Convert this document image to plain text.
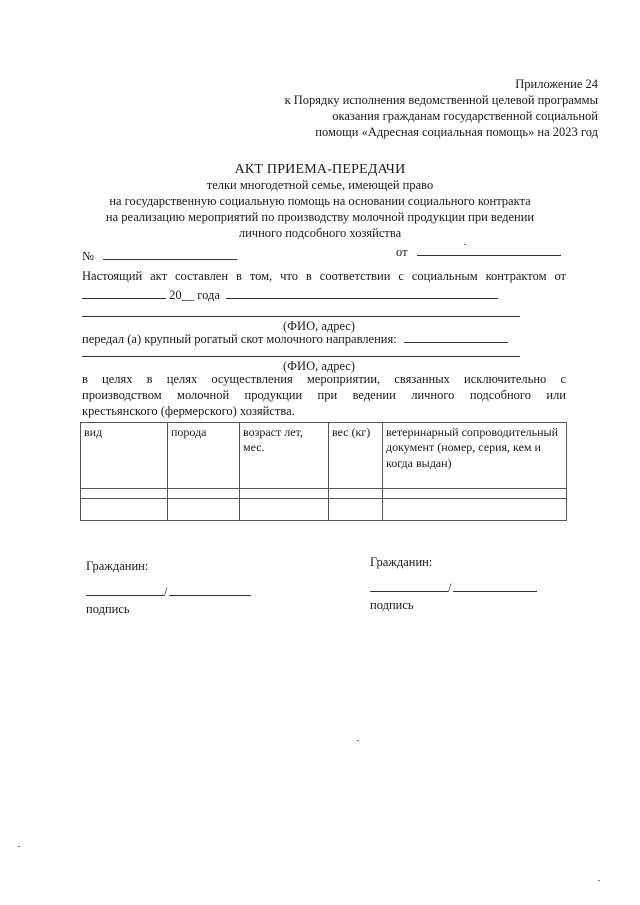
Приложение 24
к Порядку исполнения ведомственной целевой программы
оказания гражданам государственной социальной
помощи «Адресная социальная помощь» на 2023 год
АКТ ПРИЕМА-ПЕРЕДАЧИ
телки многодетной семье, имеющей право
на государственную социальную помощь на основании социального контракта
на реализацию мероприятий по производству молочной продукции при ведении
личного подсобного хозяйства
№	от
Настоящий акт составлен в том, что в соответствии с социальным контрактом от
20__ года
(ФИО, адрес)
передал (а) крупный рогатый скот молочного направления:
(ФИО, адрес)
в целях в целях осуществления мероприятии, связанных исключительно с
производством молочной продукции при ведении личного подсобного или
крестьянского (фермерского) хозяйства.
вид	порода	возраст лет, мес.	вес (кг)	ветеринарный сопроводительный документ (номер, серия, кем и когда выдан)

Гражданин:
/
подпись
Гражданин:
/
подпись
